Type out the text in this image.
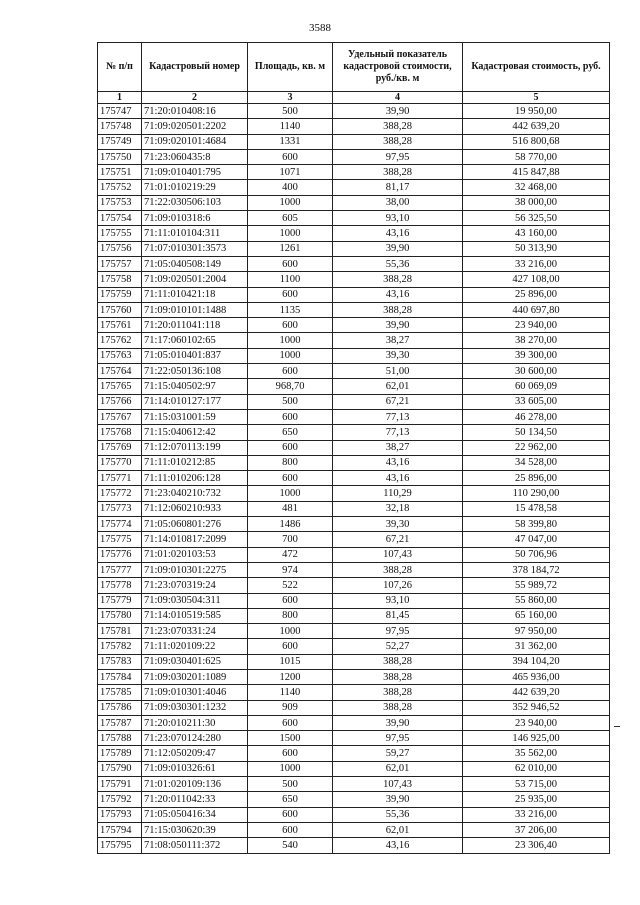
3588
№ п/п	Кадастровый номер	Площадь, кв. м	Удельный показатель кадастровой стоимости, руб./кв. м	Кадастровая стоимость, руб.
1	2	3	4	5
175747	71:20:010408:16	500	39,90	19 950,00
175748	71:09:020501:2202	1140	388,28	442 639,20
175749	71:09:020101:4684	1331	388,28	516 800,68
175750	71:23:060435:8	600	97,95	58 770,00
175751	71:09:010401:795	1071	388,28	415 847,88
175752	71:01:010219:29	400	81,17	32 468,00
175753	71:22:030506:103	1000	38,00	38 000,00
175754	71:09:010318:6	605	93,10	56 325,50
175755	71:11:010104:311	1000	43,16	43 160,00
175756	71:07:010301:3573	1261	39,90	50 313,90
175757	71:05:040508:149	600	55,36	33 216,00
175758	71:09:020501:2004	1100	388,28	427 108,00
175759	71:11:010421:18	600	43,16	25 896,00
175760	71:09:010101:1488	1135	388,28	440 697,80
175761	71:20:011041:118	600	39,90	23 940,00
175762	71:17:060102:65	1000	38,27	38 270,00
175763	71:05:010401:837	1000	39,30	39 300,00
175764	71:22:050136:108	600	51,00	30 600,00
175765	71:15:040502:97	968,70	62,01	60 069,09
175766	71:14:010127:177	500	67,21	33 605,00
175767	71:15:031001:59	600	77,13	46 278,00
175768	71:15:040612:42	650	77,13	50 134,50
175769	71:12:070113:199	600	38,27	22 962,00
175770	71:11:010212:85	800	43,16	34 528,00
175771	71:11:010206:128	600	43,16	25 896,00
175772	71:23:040210:732	1000	110,29	110 290,00
175773	71:12:060210:933	481	32,18	15 478,58
175774	71:05:060801:276	1486	39,30	58 399,80
175775	71:14:010817:2099	700	67,21	47 047,00
175776	71:01:020103:53	472	107,43	50 706,96
175777	71:09:010301:2275	974	388,28	378 184,72
175778	71:23:070319:24	522	107,26	55 989,72
175779	71:09:030504:311	600	93,10	55 860,00
175780	71:14:010519:585	800	81,45	65 160,00
175781	71:23:070331:24	1000	97,95	97 950,00
175782	71:11:020109:22	600	52,27	31 362,00
175783	71:09:030401:625	1015	388,28	394 104,20
175784	71:09:030201:1089	1200	388,28	465 936,00
175785	71:09:010301:4046	1140	388,28	442 639,20
175786	71:09:030301:1232	909	388,28	352 946,52
175787	71:20:010211:30	600	39,90	23 940,00
175788	71:23:070124:280	1500	97,95	146 925,00
175789	71:12:050209:47	600	59,27	35 562,00
175790	71:09:010326:61	1000	62,01	62 010,00
175791	71:01:020109:136	500	107,43	53 715,00
175792	71:20:011042:33	650	39,90	25 935,00
175793	71:05:050416:34	600	55,36	33 216,00
175794	71:15:030620:39	600	62,01	37 206,00
175795	71:08:050111:372	540	43,16	23 306,40
